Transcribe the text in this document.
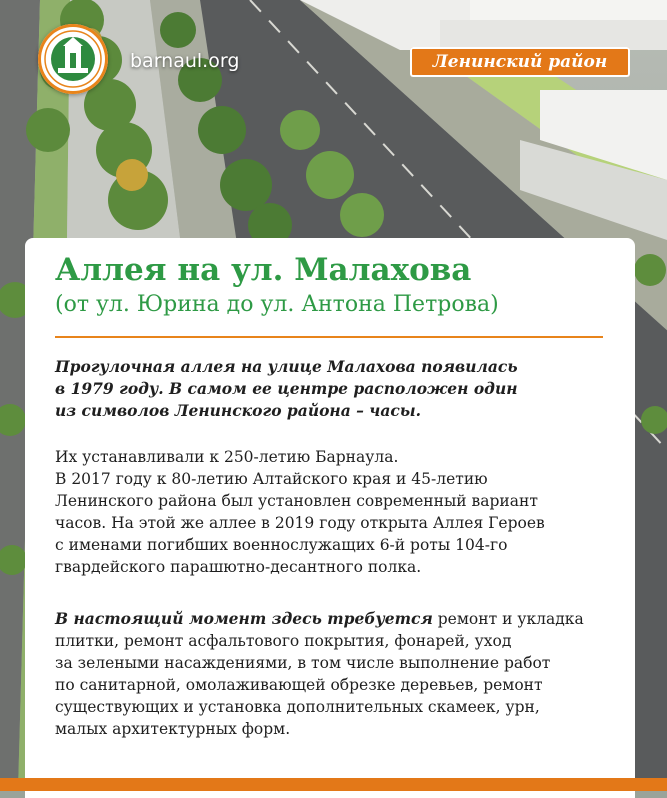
barnaul.org	Ленинский район
Аллея на ул. Малахова
(от ул. Юрина до ул. Антона Петрова)

Прогулочная аллея на улице Малахова появилась
в 1979 году. В самом ее центре расположен один
из символов Ленинского района – часы.

Их устанавливали к 250-летию Барнаула.
В 2017 году к 80-летию Алтайского края и 45-летию
Ленинского района был установлен современный вариант
часов. На этой же аллее в 2019 году открыта Аллея Героев
с именами погибших военнослужащих 6-й роты 104-го
гвардейского парашютно-десантного полка.

В настоящий момент здесь требуется ремонт и укладка
плитки, ремонт асфальтового покрытия, фонарей, уход
за зелеными насаждениями, в том числе выполнение работ
по санитарной, омолаживающей обрезке деревьев, ремонт
существующих и установка дополнительных скамеек, урн,
малых архитектурных форм.
